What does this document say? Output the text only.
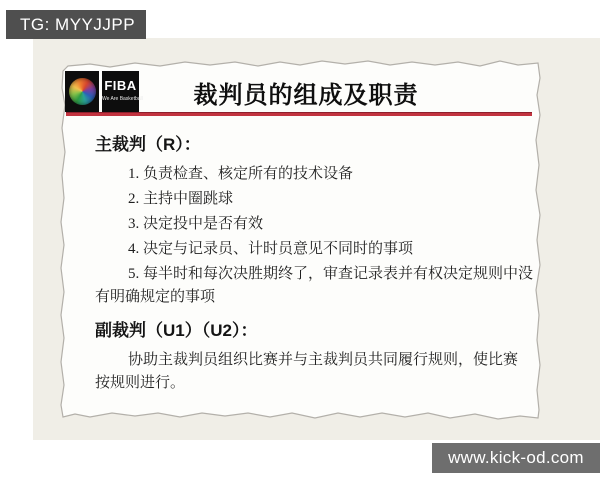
FIBA
We Are Basketball 裁判员的组成及职责

主裁判（R）：

1. 负责检查、核定所有的技术设备

2. 主持中圈跳球

3. 决定投中是否有效

4. 决定与记录员、计时员意见不同时的事项

5. 每半时和每次决胜期终了，审查记录表并有权决定规则中没有明确规定的事项

副裁判（U1）（U2）：

协助主裁判员组织比赛并与主裁判员共同履行规则，使比赛按规则进行。

TG: MYYJJPP
www.kick-od.com
